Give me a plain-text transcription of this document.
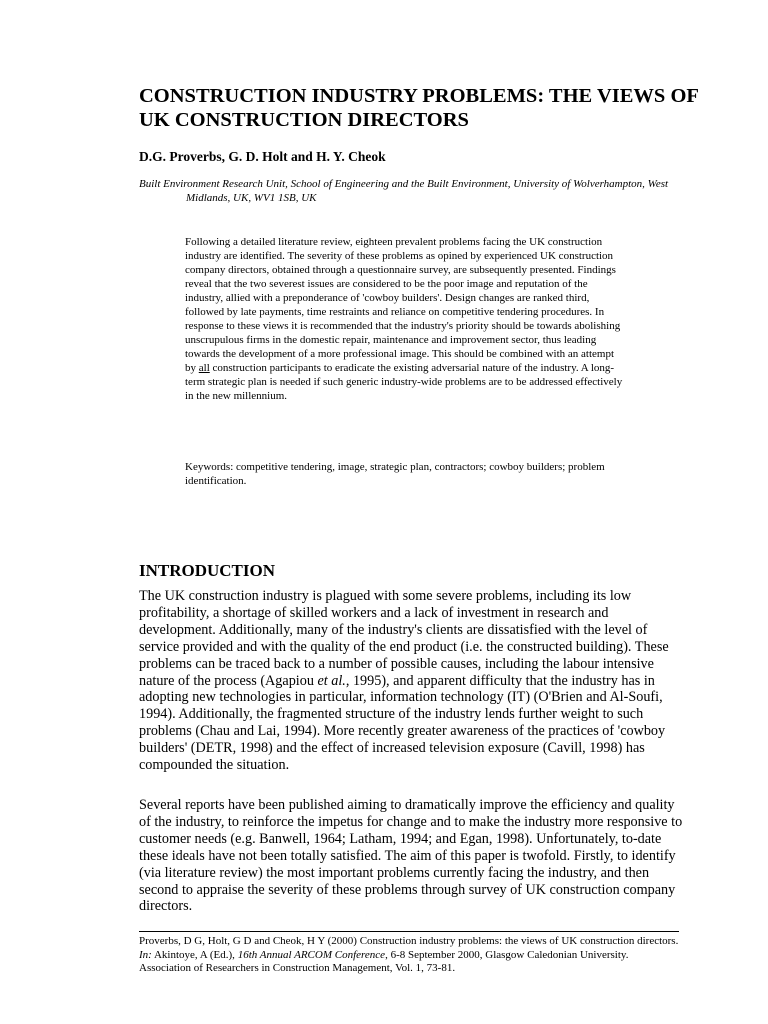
CONSTRUCTION INDUSTRY PROBLEMS: THE VIEWS OF UK CONSTRUCTION DIRECTORS

D.G. Proverbs, G. D. Holt and H. Y. Cheok

Built Environment Research Unit, School of Engineering and the Built Environment, University of Wolverhampton, West Midlands, UK, WV1 1SB, UK

Following a detailed literature review, eighteen prevalent problems facing the UK construction industry are identified. The severity of these problems as opined by experienced UK construction company directors, obtained through a questionnaire survey, are subsequently presented. Findings reveal that the two severest issues are considered to be the poor image and reputation of the industry, allied with a preponderance of 'cowboy builders'. Design changes are ranked third, followed by late payments, time restraints and reliance on competitive tendering procedures. In response to these views it is recommended that the industry's priority should be towards abolishing unscrupulous firms in the domestic repair, maintenance and improvement sector, thus leading towards the development of a more professional image. This should be combined with an attempt by all construction participants to eradicate the existing adversarial nature of the industry. A long-term strategic plan is needed if such generic industry-wide problems are to be addressed effectively in the new millennium.

Keywords: competitive tendering, image, strategic plan, contractors; cowboy builders; problem identification.

INTRODUCTION

The UK construction industry is plagued with some severe problems, including its low profitability, a shortage of skilled workers and a lack of investment in research and development. Additionally, many of the industry's clients are dissatisfied with the level of service provided and with the quality of the end product (i.e. the constructed building). These problems can be traced back to a number of possible causes, including the labour intensive nature of the process (Agapiou et al., 1995), and apparent difficulty that the industry has in adopting new technologies in particular, information technology (IT) (O'Brien and Al-Soufi, 1994). Additionally, the fragmented structure of the industry lends further weight to such problems (Chau and Lai, 1994). More recently greater awareness of the practices of 'cowboy builders' (DETR, 1998) and the effect of increased television exposure (Cavill, 1998) has compounded the situation.

Several reports have been published aiming to dramatically improve the efficiency and quality of the industry, to reinforce the impetus for change and to make the industry more responsive to customer needs (e.g. Banwell, 1964; Latham, 1994; and Egan, 1998). Unfortunately, to-date these ideals have not been totally satisfied. The aim of this paper is twofold. Firstly, to identify (via literature review) the most important problems currently facing the industry, and then second to appraise the severity of these problems through survey of UK construction company directors.

Proverbs, D G, Holt, G D and Cheok, H Y (2000) Construction industry problems: the views of UK construction directors. In: Akintoye, A (Ed.), 16th Annual ARCOM Conference, 6-8 September 2000, Glasgow Caledonian University. Association of Researchers in Construction Management, Vol. 1, 73-81.
